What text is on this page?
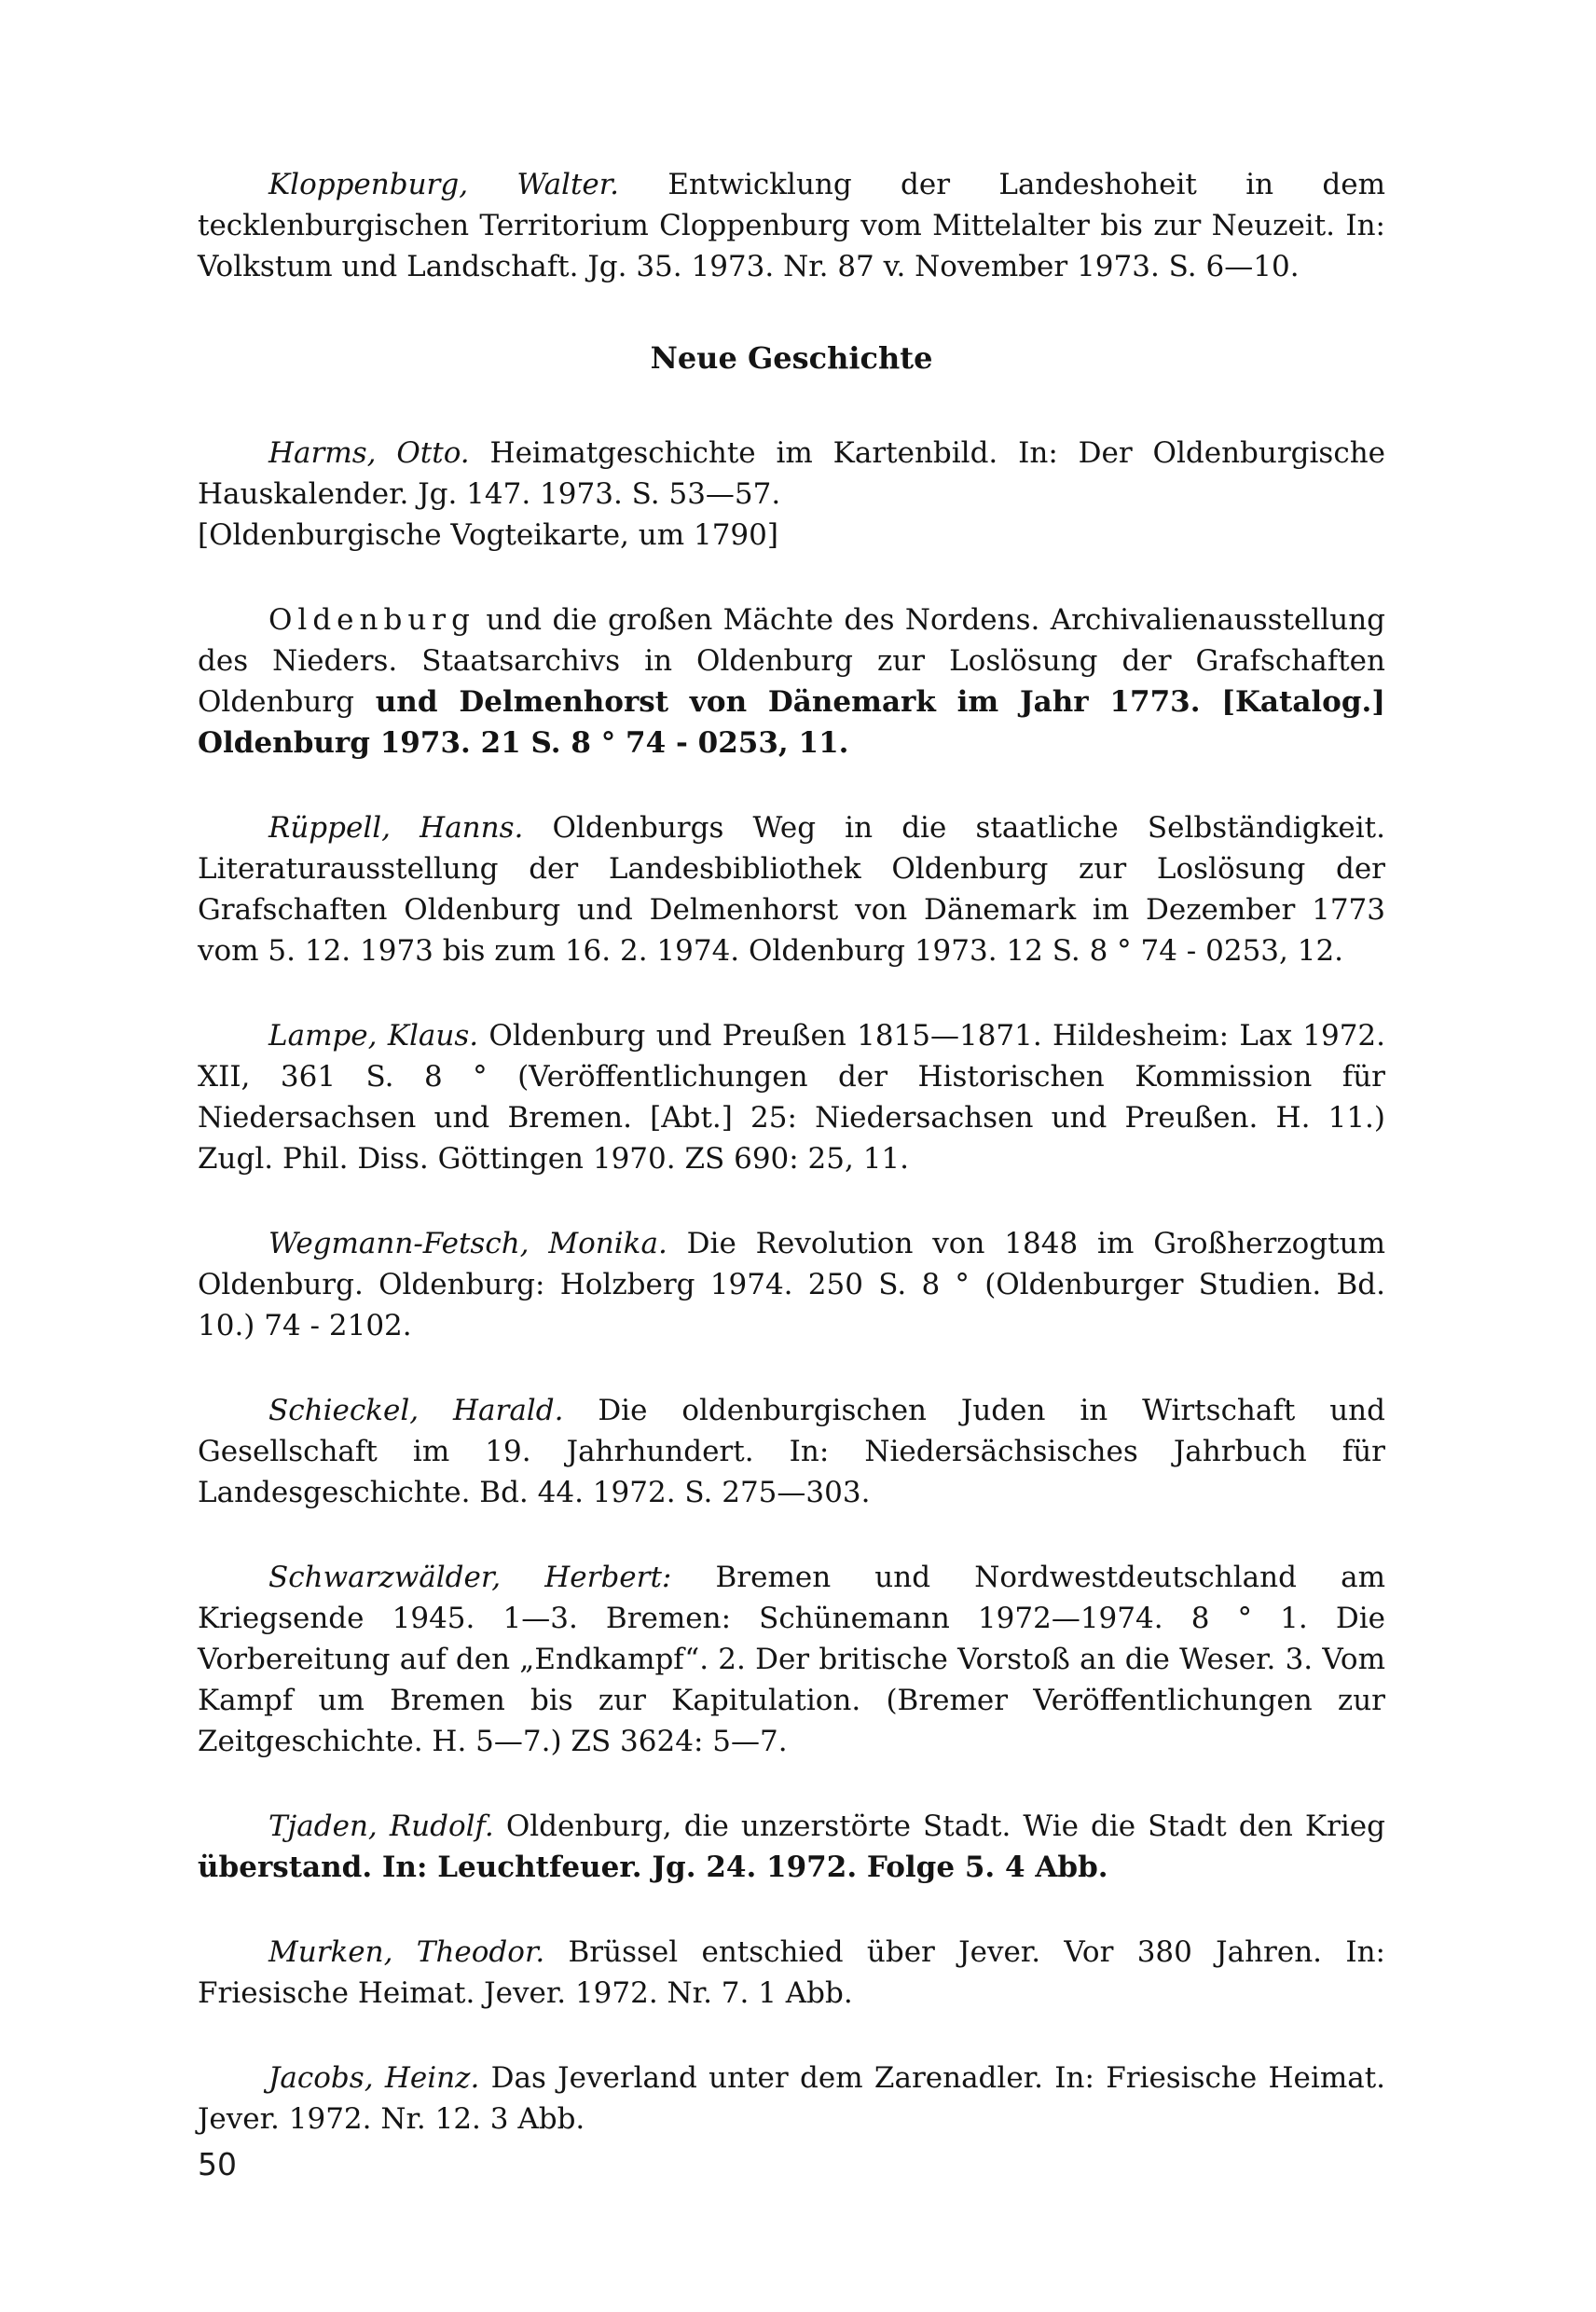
Kloppenburg, Walter. Entwicklung der Landeshoheit in dem tecklenburgischen Territorium Cloppenburg vom Mittelalter bis zur Neuzeit. In: Volkstum und Landschaft. Jg. 35. 1973. Nr. 87 v. November 1973. S. 6—10.

Neue Geschichte

Harms, Otto. Heimatgeschichte im Kartenbild. In: Der Oldenburgische Hauskalender. Jg. 147. 1973. S. 53—57.
[Oldenburgische Vogteikarte, um 1790]

Oldenburg und die großen Mächte des Nordens. Archivalienausstellung des Nieders. Staatsarchivs in Oldenburg zur Loslösung der Grafschaften Oldenburg und Delmenhorst von Dänemark im Jahr 1773. [Katalog.] Oldenburg 1973. 21 S. 8 ° 74 - 0253, 11.

Rüppell, Hanns. Oldenburgs Weg in die staatliche Selbständigkeit. Literaturausstellung der Landesbibliothek Oldenburg zur Loslösung der Grafschaften Oldenburg und Delmenhorst von Dänemark im Dezember 1773 vom 5. 12. 1973 bis zum 16. 2. 1974. Oldenburg 1973. 12 S. 8 ° 74 - 0253, 12.

Lampe, Klaus. Oldenburg und Preußen 1815—1871. Hildesheim: Lax 1972. XII, 361 S. 8 ° (Veröffentlichungen der Historischen Kommission für Niedersachsen und Bremen. [Abt.] 25: Niedersachsen und Preußen. H. 11.) Zugl. Phil. Diss. Göttingen 1970. ZS 690: 25, 11.

Wegmann-Fetsch, Monika. Die Revolution von 1848 im Großherzogtum Oldenburg. Oldenburg: Holzberg 1974. 250 S. 8 ° (Oldenburger Studien. Bd. 10.) 74 - 2102.

Schieckel, Harald. Die oldenburgischen Juden in Wirtschaft und Gesellschaft im 19. Jahrhundert. In: Niedersächsisches Jahrbuch für Landesgeschichte. Bd. 44. 1972. S. 275—303.

Schwarzwälder, Herbert: Bremen und Nordwestdeutschland am Kriegsende 1945. 1—3. Bremen: Schünemann 1972—1974. 8 ° 1. Die Vorbereitung auf den „Endkampf“. 2. Der britische Vorstoß an die Weser. 3. Vom Kampf um Bremen bis zur Kapitulation. (Bremer Veröffentlichungen zur Zeitgeschichte. H. 5—7.) ZS 3624: 5—7.

Tjaden, Rudolf. Oldenburg, die unzerstörte Stadt. Wie die Stadt den Krieg überstand. In: Leuchtfeuer. Jg. 24. 1972. Folge 5. 4 Abb.

Murken, Theodor. Brüssel entschied über Jever. Vor 380 Jahren. In: Friesische Heimat. Jever. 1972. Nr. 7. 1 Abb.

Jacobs, Heinz. Das Jeverland unter dem Zarenadler. In: Friesische Heimat. Jever. 1972. Nr. 12. 3 Abb.

50
